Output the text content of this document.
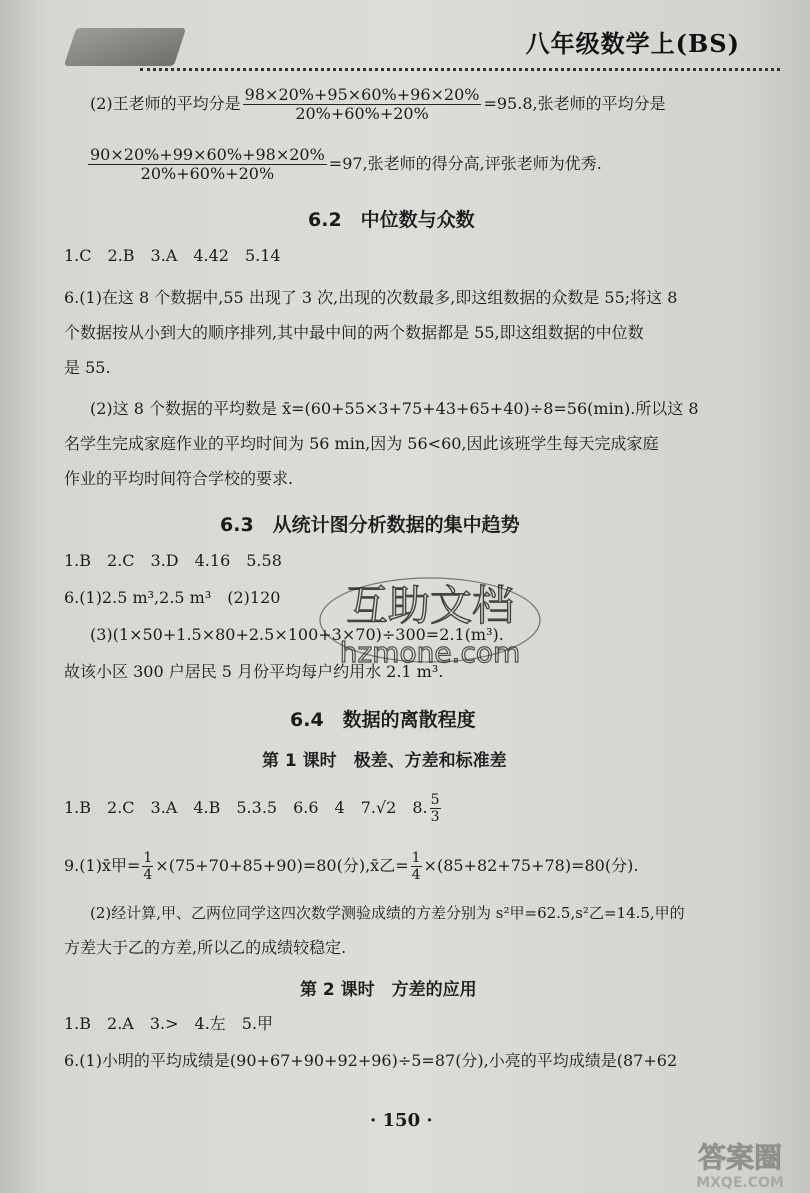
八年级数学上(BS)
(2)王老师的平均分是 $\frac{98\times 20\%+95\times 60\%+96\times 20\%}{20\%+60\%+20\%} =95.8$,张老师的平均分是
$\frac{90\times 20\%+99\times 60\%+98\times 20\%}{20\%+60\%+20\%} =97$,张老师的得分高,评张老师为优秀.
6.2　中位数与众数
1.C　2.B　3.A　4.42　5.14
6.(1)在这 8 个数据中,55 出现了 3 次,出现的次数最多,即这组数据的众数是 55;将这 8
个数据按从小到大的顺序排列,其中最中间的两个数据都是 55,即这组数据的中位数
是 55.
(2)这 8 个数据的平均数是 x̄=(60+55×3+75+43+65+40)÷8=56(min).所以这 8
名学生完成家庭作业的平均时间为 56 min,因为 56<60,因此该班学生每天完成家庭
作业的平均时间符合学校的要求.
6.3　从统计图分析数据的集中趋势
1.B　2.C　3.D　4.16　5.58
6.(1)2.5 m³,2.5 m³　(2)120
(3)(1×50+1.5×80+2.5×100+3×70)÷300=2.1(m³).
故该小区 300 户居民 5 月份平均每户约用水 2.1 m³.
6.4　数据的离散程度
第 1 课时　极差、方差和标准差
1.B　2.C　3.A　4.B　5.3.5　6.6　4　7.√2　8. $\frac{5}{3}$
9.(1)x̄甲= $\frac{1}{4} \times(75+70+85+90)=80$(分),x̄乙= $\frac{1}{4} \times(85+82+75+78)=80$(分).
(2)经计算,甲、乙两位同学这四次数学测验成绩的方差分别为 s²甲=62.5,s²乙=14.5,甲的
方差大于乙的方差,所以乙的成绩较稳定.
第 2 课时　方差的应用
1.B　2.A　3.>　4.左　5.甲
6.(1)小明的平均成绩是(90+67+90+92+96)÷5=87(分),小亮的平均成绩是(87+62
· 150 ·
互助文档
hzmone.com
答案圈
MXQE.COM
